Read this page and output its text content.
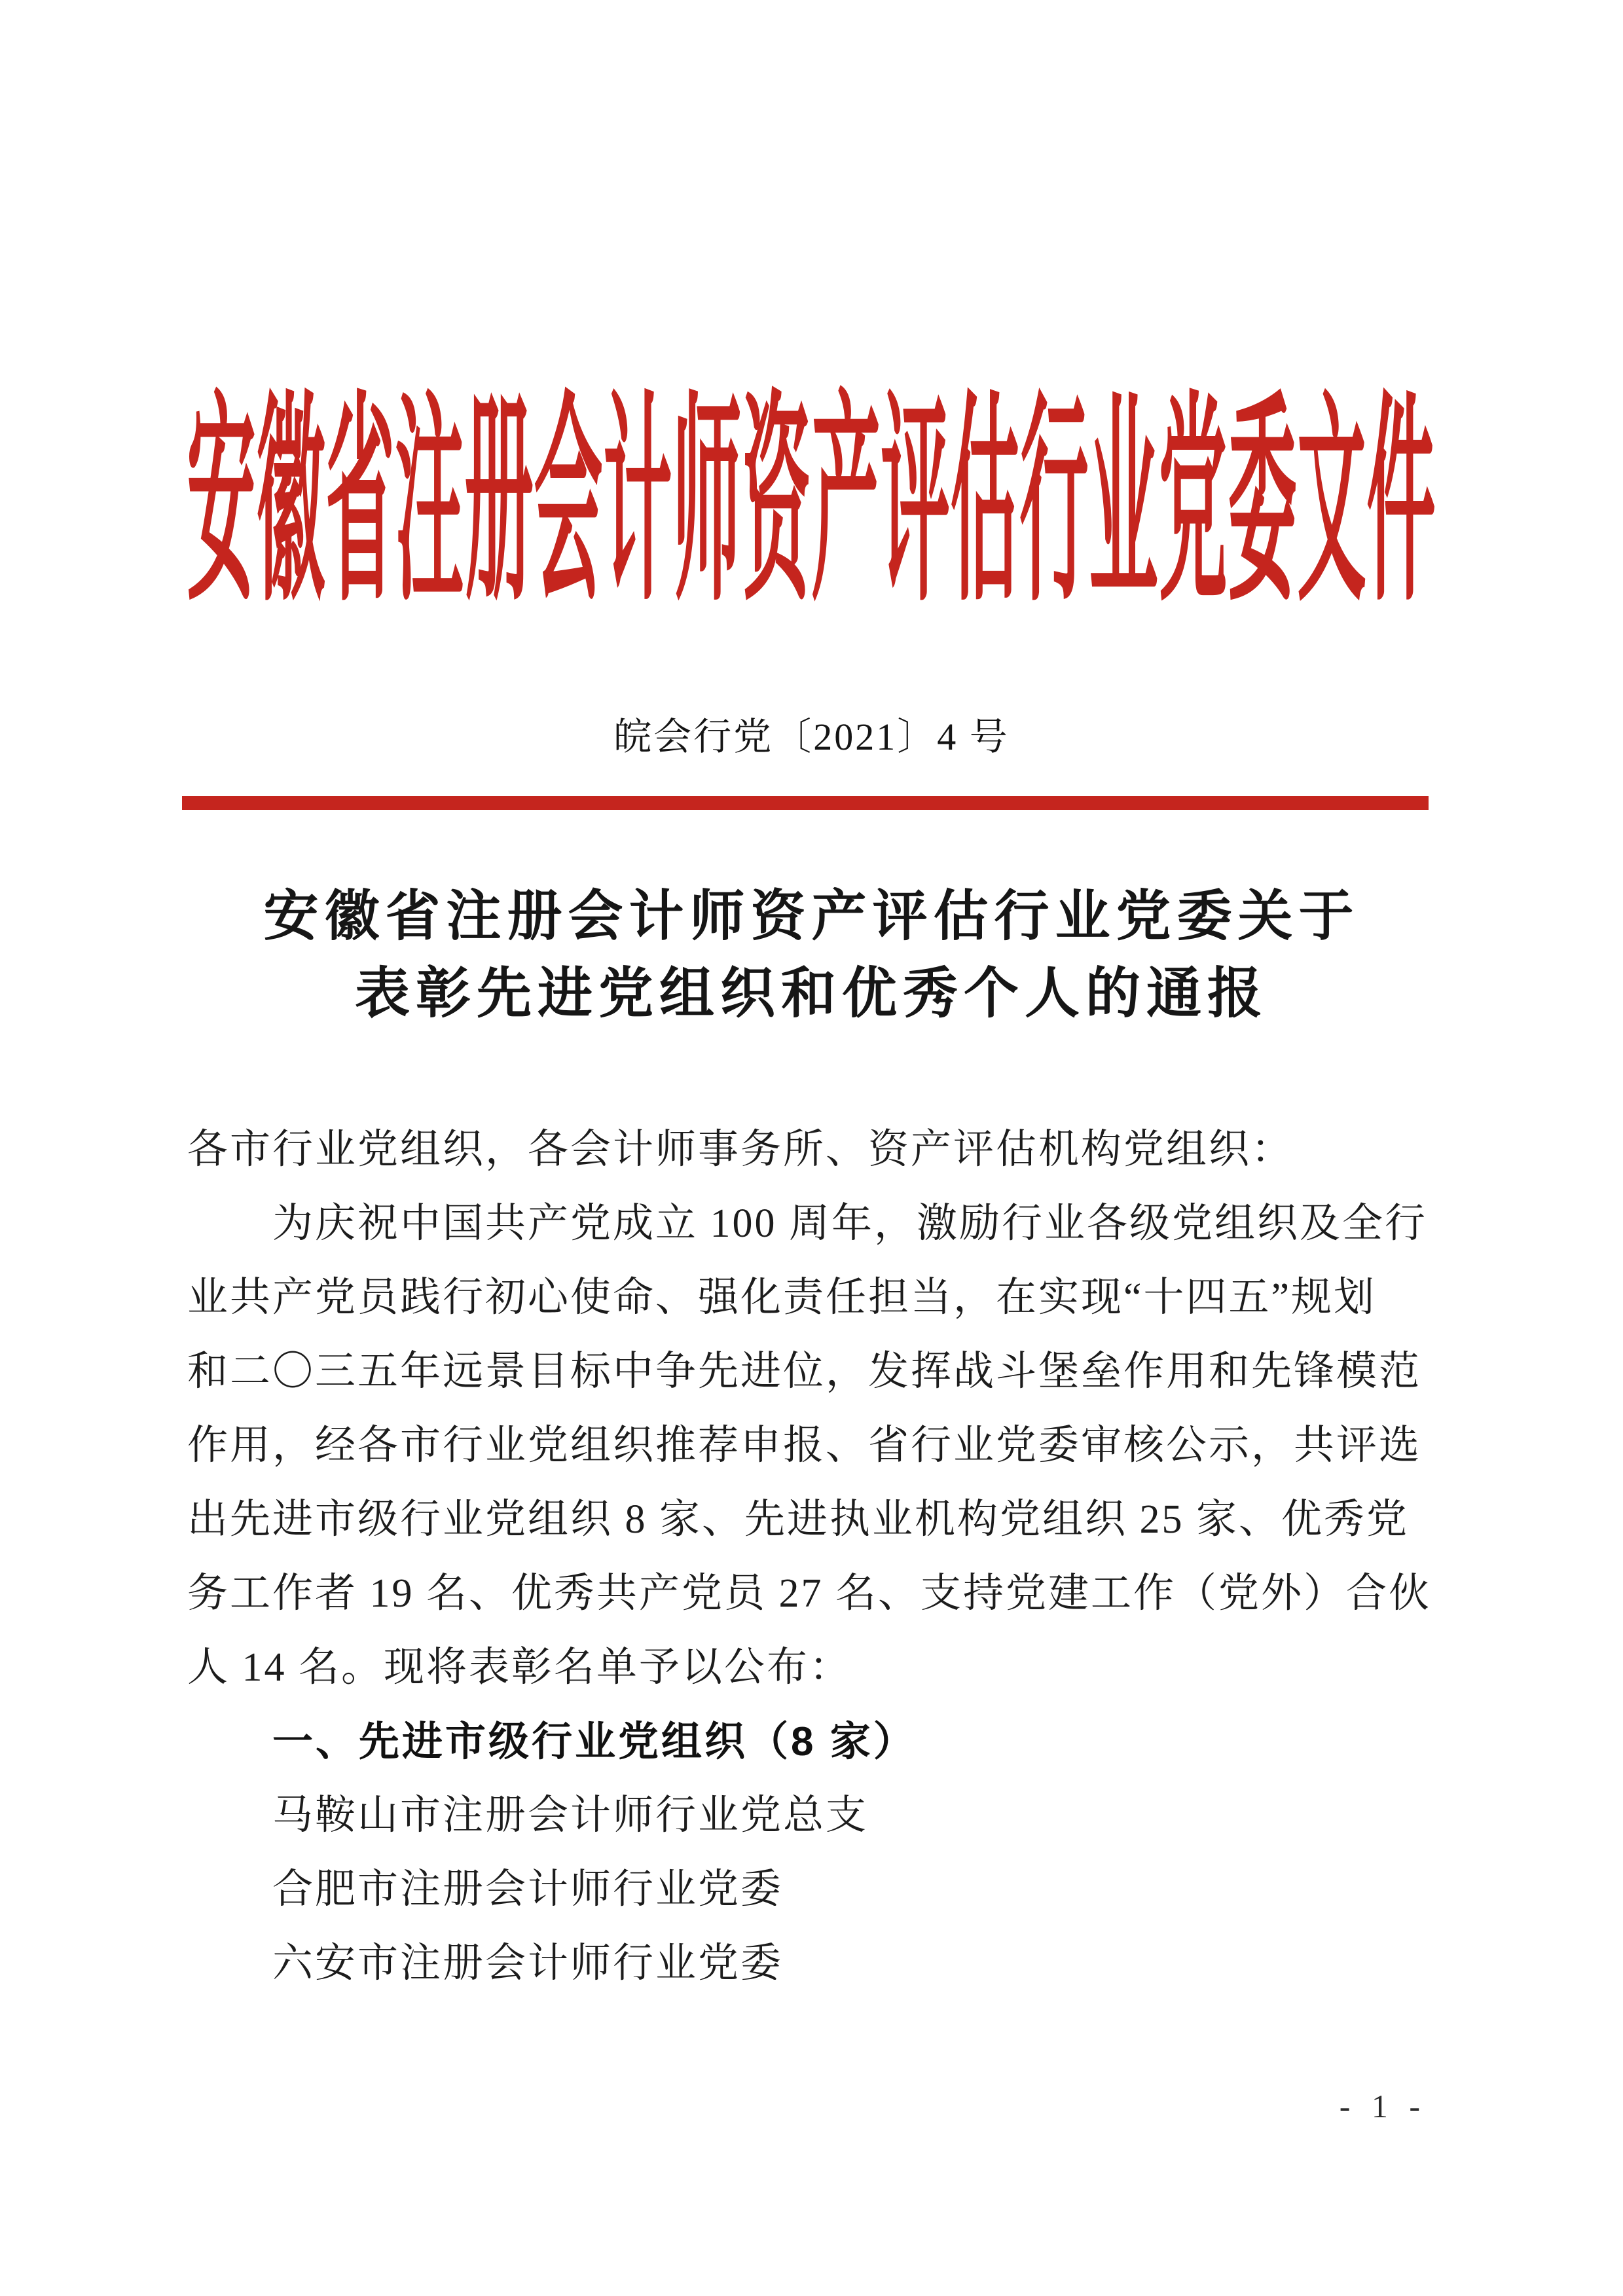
安徽省注册会计师资产评估行业党委文件
皖会行党〔2021〕4 号
安徽省注册会计师资产评估行业党委关于
表彰先进党组织和优秀个人的通报
各市行业党组织，各会计师事务所、资产评估机构党组织：
为庆祝中国共产党成立 100 周年，激励行业各级党组织及全行
业共产党员践行初心使命、强化责任担当，在实现“十四五”规划
和二〇三五年远景目标中争先进位，发挥战斗堡垒作用和先锋模范
作用，经各市行业党组织推荐申报、省行业党委审核公示，共评选
出先进市级行业党组织 8 家、先进执业机构党组织 25 家、优秀党
务工作者 19 名、优秀共产党员 27 名、支持党建工作（党外）合伙
人 14 名。现将表彰名单予以公布：
一、先进市级行业党组织（8 家）
马鞍山市注册会计师行业党总支
合肥市注册会计师行业党委
六安市注册会计师行业党委
- 1 -
